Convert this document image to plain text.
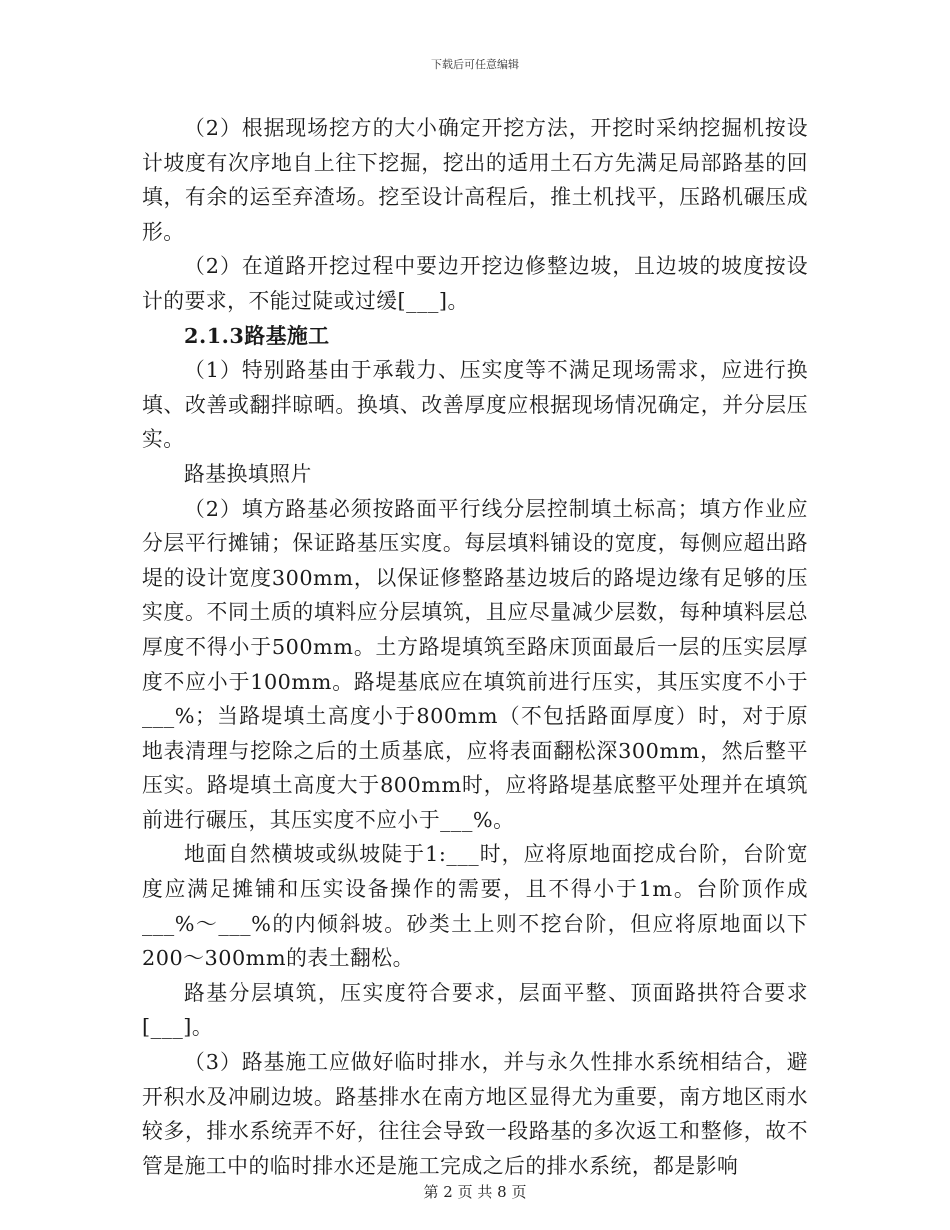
下载后可任意编辑

（2）根据现场挖方的大小确定开挖方法，开挖时采纳挖掘机按设计坡度有次序地自上往下挖掘，挖出的适用土石方先满足局部路基的回填，有余的运至弃渣场。挖至设计高程后，推土机找平，压路机碾压成形。

（2）在道路开挖过程中要边开挖边修整边坡，且边坡的坡度按设计的要求，不能过陡或过缓[___]。

2.1.3路基施工

（1）特别路基由于承载力、压实度等不满足现场需求，应进行换填、改善或翻拌晾晒。换填、改善厚度应根据现场情况确定，并分层压实。

路基换填照片

（2）填方路基必须按路面平行线分层控制填土标高；填方作业应分层平行摊铺；保证路基压实度。每层填料铺设的宽度，每侧应超出路堤的设计宽度300mm，以保证修整路基边坡后的路堤边缘有足够的压实度。不同土质的填料应分层填筑，且应尽量减少层数，每种填料层总厚度不得小于500mm。土方路堤填筑至路床顶面最后一层的压实层厚度不应小于100mm。路堤基底应在填筑前进行压实，其压实度不小于___%；当路堤填土高度小于800mm（不包括路面厚度）时，对于原地表清理与挖除之后的土质基底，应将表面翻松深300mm，然后整平压实。路堤填土高度大于800mm时，应将路堤基底整平处理并在填筑前进行碾压，其压实度不应小于___%。

地面自然横坡或纵坡陡于1:___时，应将原地面挖成台阶，台阶宽度应满足摊铺和压实设备操作的需要，且不得小于1m。台阶顶作成___%～___%的内倾斜坡。砂类土上则不挖台阶，但应将原地面以下200～300mm的表土翻松。

路基分层填筑，压实度符合要求，层面平整、顶面路拱符合要求[___]。

（3）路基施工应做好临时排水，并与永久性排水系统相结合，避开积水及冲刷边坡。路基排水在南方地区显得尤为重要，南方地区雨水较多，排水系统弄不好，往往会导致一段路基的多次返工和整修，故不管是施工中的临时排水还是施工完成之后的排水系统，都是影响

第 2 页 共 8 页
